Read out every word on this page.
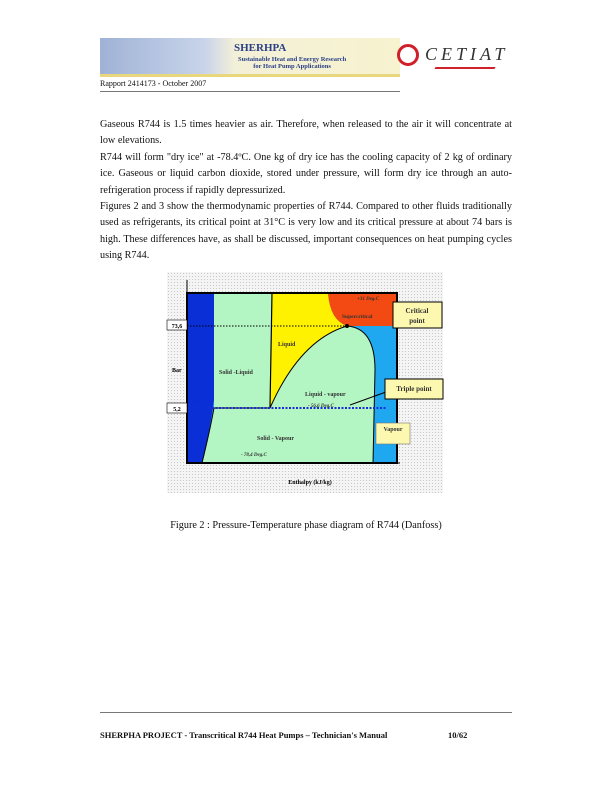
SHERHPA
Sustainable Heat and Energy Research
for Heat Pump Applications
CETIAT
Rapport 2414173 - October 2007

Gaseous R744 is 1.5 times heavier as air. Therefore, when released to the air it will concentrate at low elevations.

R744 will form "dry ice" at -78.4ºC. One kg of dry ice has the cooling capacity of 2 kg of ordinary ice. Gaseous or liquid carbon dioxide, stored under pressure, will form dry ice through an auto-refrigeration process if rapidly depressurized.

Figures 2 and 3 show the thermodynamic properties of R744. Compared to other fluids traditionally used as refrigerants, its critical point at 31°C is very low and its critical pressure at about 74 bars is high. These differences have, as shall be discussed, important consequences on heat pumping cycles using R744.

73,6
5,2
Bar
Enthalpy (kJ/kg)
Solid
Solid -Liquid
Liquid
Supercritical
Liquid - vapour
Solid - Vapour
+31 Deg.C
- 56,6 Deg.C
- 78,4 Deg.C
Critical
point
Triple point
Vapour
Figure 2 : Pressure-Temperature phase diagram of R744 (Danfoss)
SHERPHA PROJECT - Transcritical R744 Heat Pumps – Technician's Manual	10/62
